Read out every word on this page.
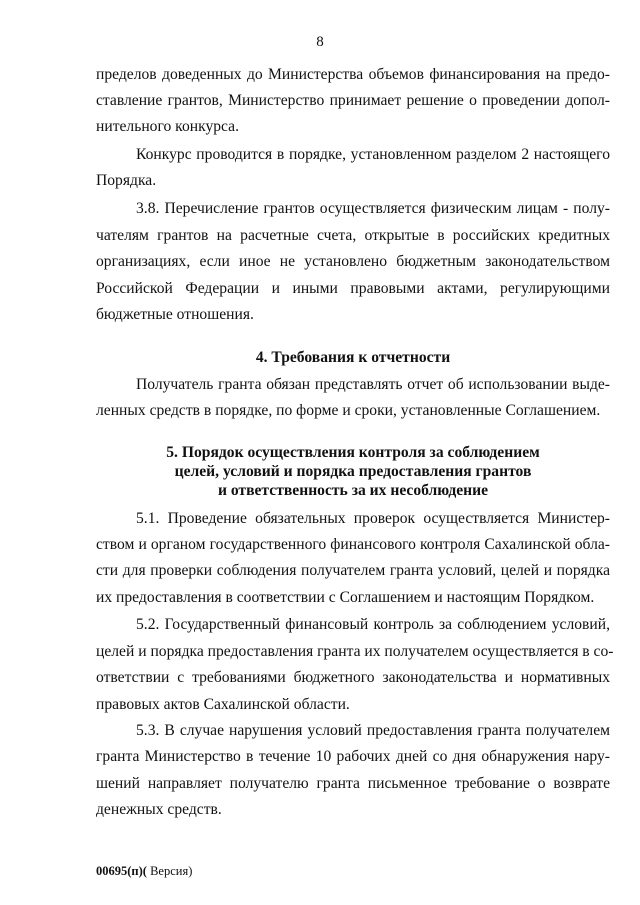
8
пределов доведенных до Министерства объемов финансирования на предо-
ставление грантов, Министерство принимает решение о проведении допол-
нительного конкурса.
Конкурс проводится в порядке, установленном разделом 2 настоящего
Порядка.
3.8. Перечисление грантов осуществляется физическим лицам - полу-
чателям грантов на расчетные счета, открытые в российских кредитных
организациях, если иное не установлено бюджетным законодательством
Российской Федерации и иными правовыми актами, регулирующими
бюджетные отношения.
4. Требования к отчетности
Получатель гранта обязан представлять отчет об использовании выде-
ленных средств в порядке, по форме и сроки, установленные Соглашением.
5. Порядок осуществления контроля за соблюдением
целей, условий и порядка предоставления грантов
и ответственность за их несоблюдение
5.1. Проведение обязательных проверок осуществляется Министер-
ством и органом государственного финансового контроля Сахалинской обла-
сти для проверки соблюдения получателем гранта условий, целей и порядка
их предоставления в соответствии с Соглашением и настоящим Порядком.
5.2. Государственный финансовый контроль за соблюдением условий,
целей и порядка предоставления гранта их получателем осуществляется в со-
ответствии с требованиями бюджетного законодательства и нормативных
правовых актов Сахалинской области.
5.3. В случае нарушения условий предоставления гранта получателем
гранта Министерство в течение 10 рабочих дней со дня обнаружения нару-
шений направляет получателю гранта письменное требование о возврате
денежных средств.
00695(п)( Версия)
